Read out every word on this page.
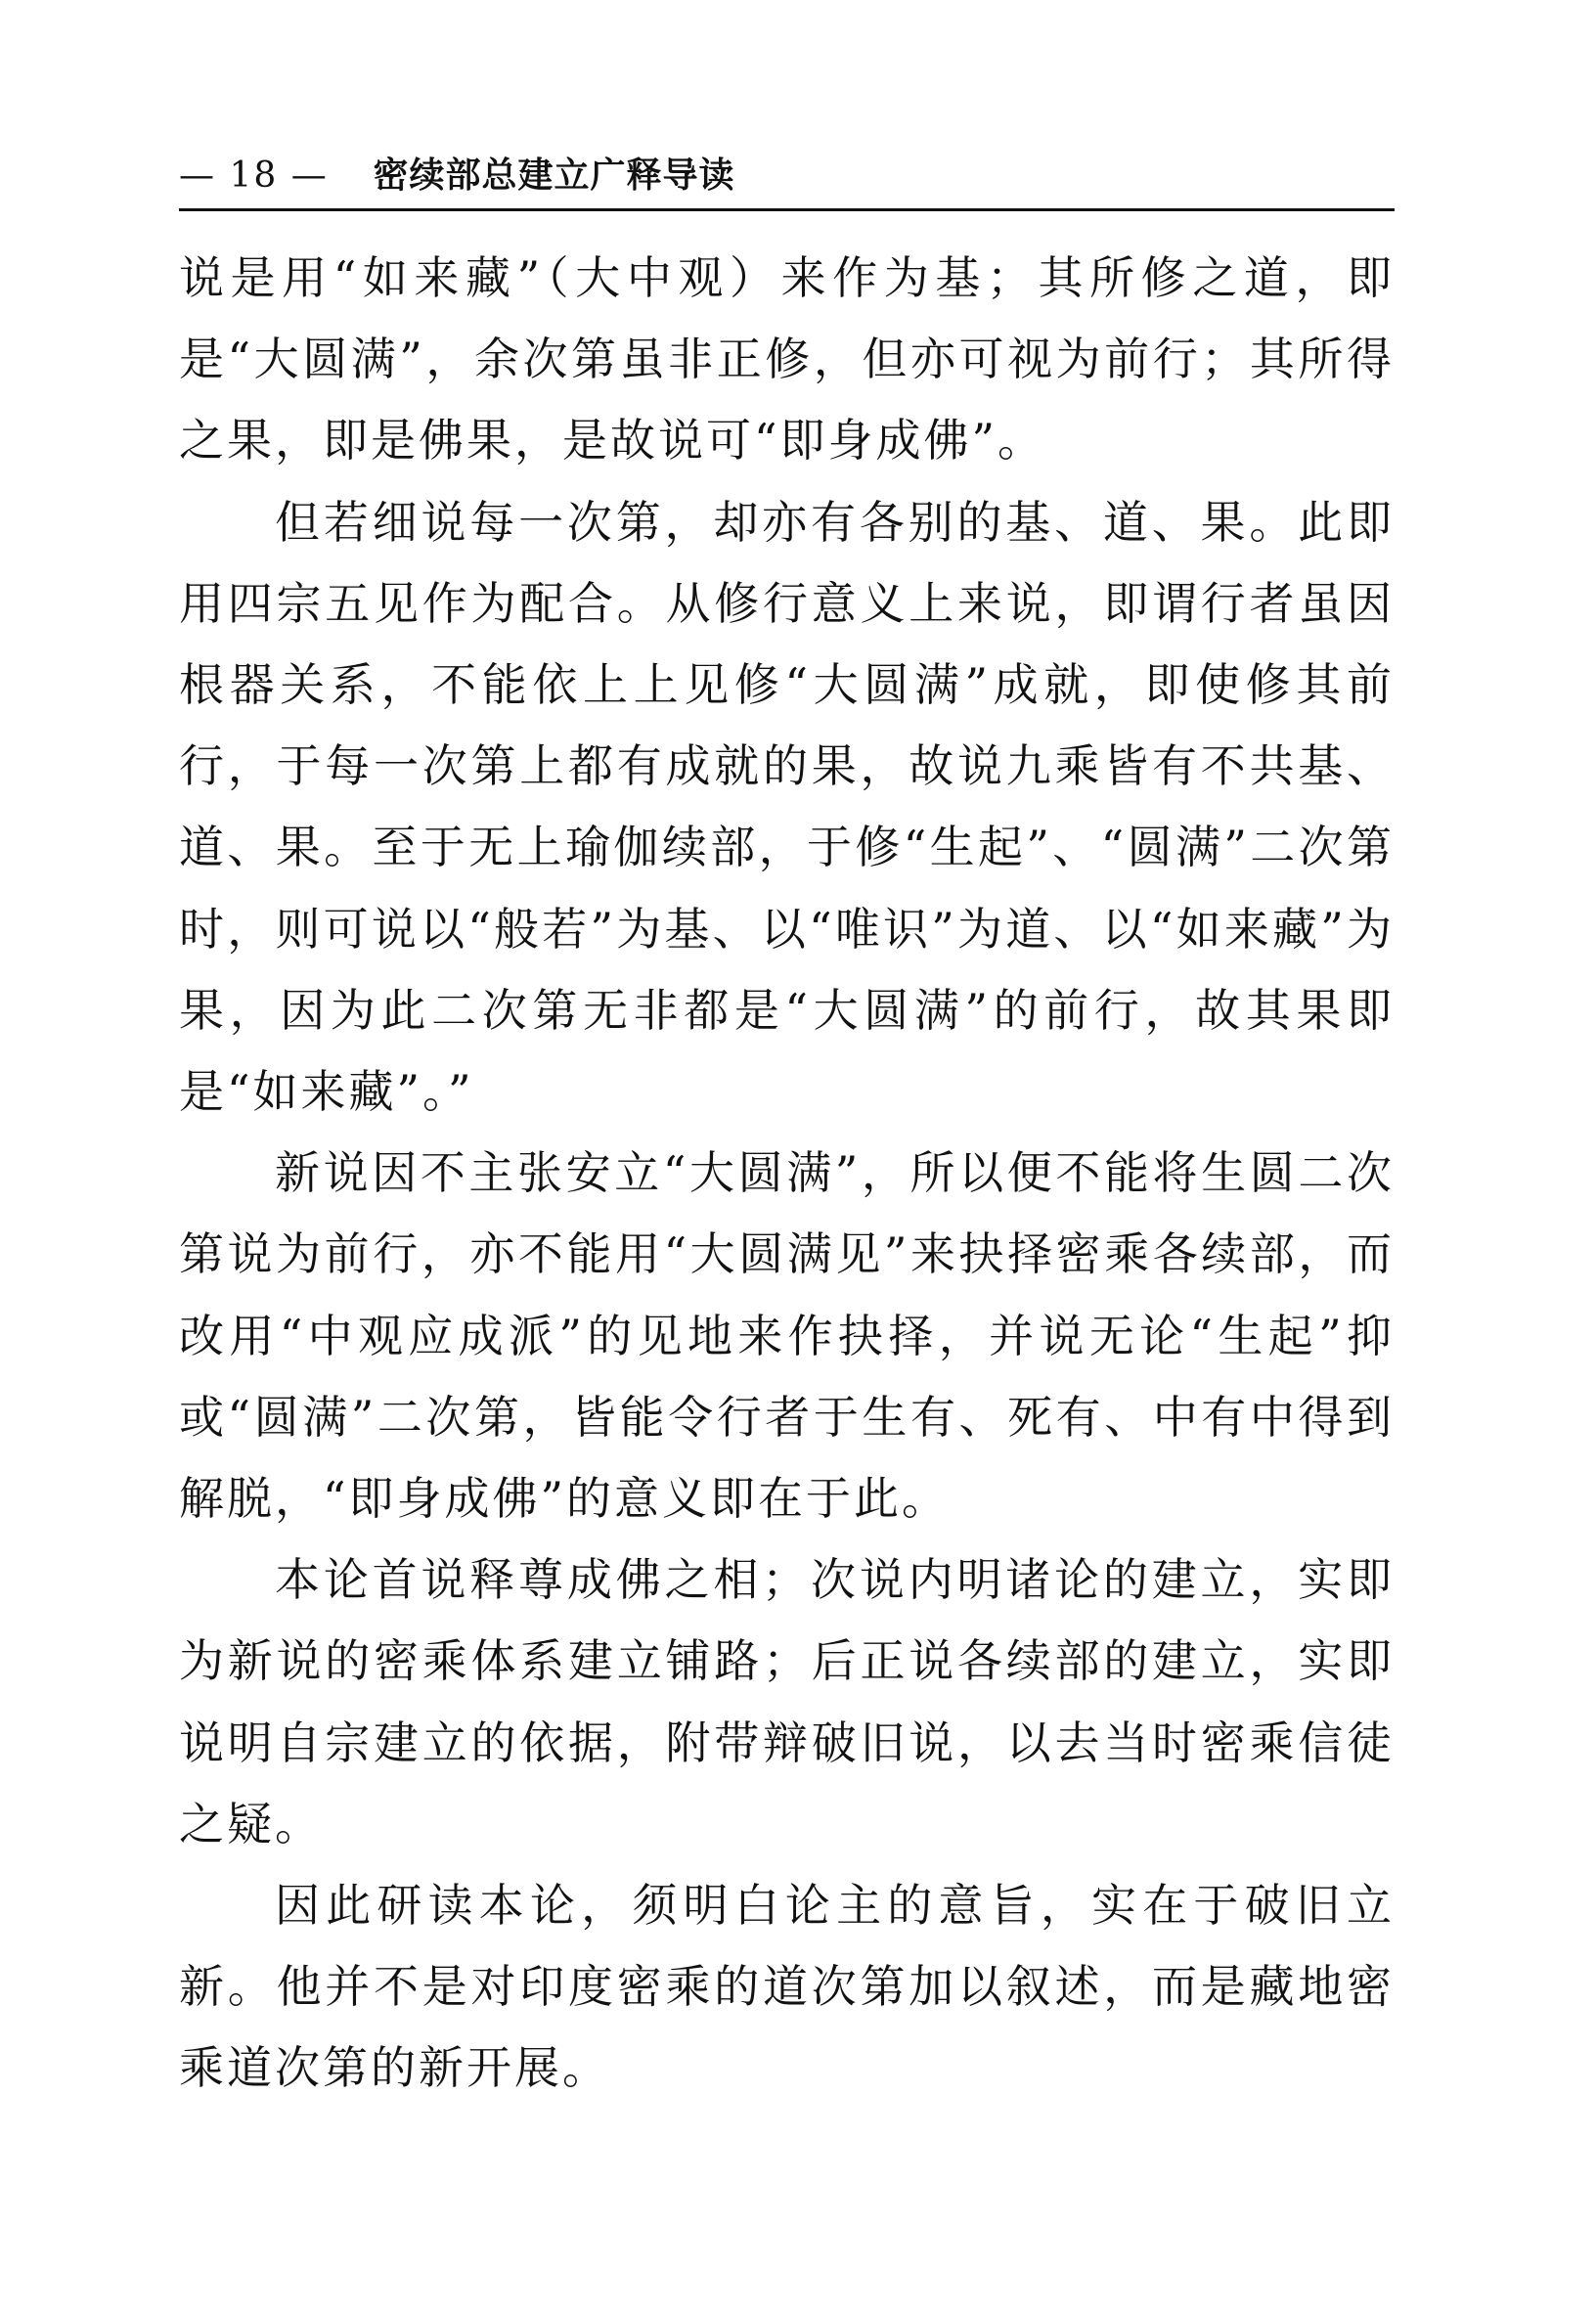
— 18 — 密续部总建立广释导读

说是用“如来藏”（大中观）来作为基；其所修之道，即是“大圆满”，余次第虽非正修，但亦可视为前行；其所得之果，即是佛果，是故说可“即身成佛”。

但若细说每一次第，却亦有各别的基、道、果。此即用四宗五见作为配合。从修行意义上来说，即谓行者虽因根器关系，不能依上上见修“大圆满”成就，即使修其前行，于每一次第上都有成就的果，故说九乘皆有不共基、道、果。至于无上瑜伽续部，于修“生起”、“圆满”二次第时，则可说以“般若”为基、以“唯识”为道、以“如来藏”为果，因为此二次第无非都是“大圆满”的前行，故其果即是“如来藏”。”

新说因不主张安立“大圆满”，所以便不能将生圆二次第说为前行，亦不能用“大圆满见”来抉择密乘各续部，而改用“中观应成派”的见地来作抉择，并说无论“生起”抑或“圆满”二次第，皆能令行者于生有、死有、中有中得到解脱，“即身成佛”的意义即在于此。

本论首说释尊成佛之相；次说内明诸论的建立，实即为新说的密乘体系建立铺路；后正说各续部的建立，实即说明自宗建立的依据，附带辩破旧说，以去当时密乘信徒之疑。

因此研读本论，须明白论主的意旨，实在于破旧立新。他并不是对印度密乘的道次第加以叙述，而是藏地密乘道次第的新开展。
